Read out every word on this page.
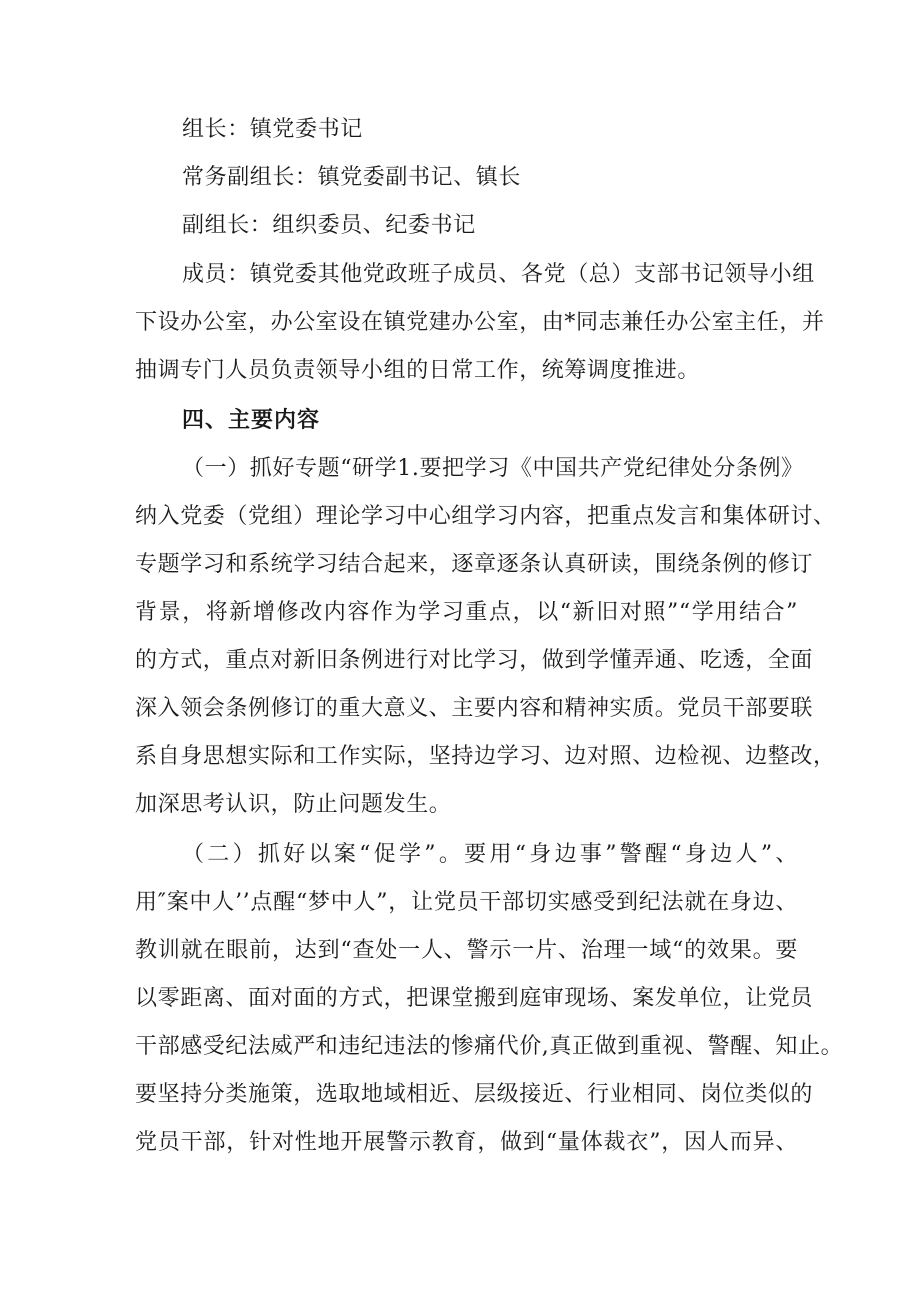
组长：镇党委书记
常务副组长：镇党委副书记、镇长
副组长：组织委员、纪委书记
成员：镇党委其他党政班子成员、各党（总）支部书记领导小组
下设办公室，办公室设在镇党建办公室，由*同志兼任办公室主任，并
抽调专门人员负责领导小组的日常工作，统筹调度推进。
四、主要内容
（一）抓好专题“研学1.要把学习《中国共产党纪律处分条例》
纳入党委（党组）理论学习中心组学习内容，把重点发言和集体研讨、
专题学习和系统学习结合起来，逐章逐条认真研读，围绕条例的修订
背景，将新增修改内容作为学习重点，以“新旧对照”“学用结合”
的方式，重点对新旧条例进行对比学习，做到学懂弄通、吃透，全面
深入领会条例修订的重大意义、主要内容和精神实质。党员干部要联
系自身思想实际和工作实际，坚持边学习、边对照、边检视、边整改，
加深思考认识，防止问题发生。
（二）抓好以案“促学”。要用“身边事”警醒“身边人”、
用″案中人’’点醒“梦中人”，让党员干部切实感受到纪法就在身边、
教训就在眼前，达到“查处一人、警示一片、治理一域“的效果。要
以零距离、面对面的方式，把课堂搬到庭审现场、案发单位，让党员
干部感受纪法威严和违纪违法的惨痛代价,真正做到重视、警醒、知止。
要坚持分类施策，选取地域相近、层级接近、行业相同、岗位类似的
党员干部，针对性地开展警示教育，做到“量体裁衣”，因人而异、
